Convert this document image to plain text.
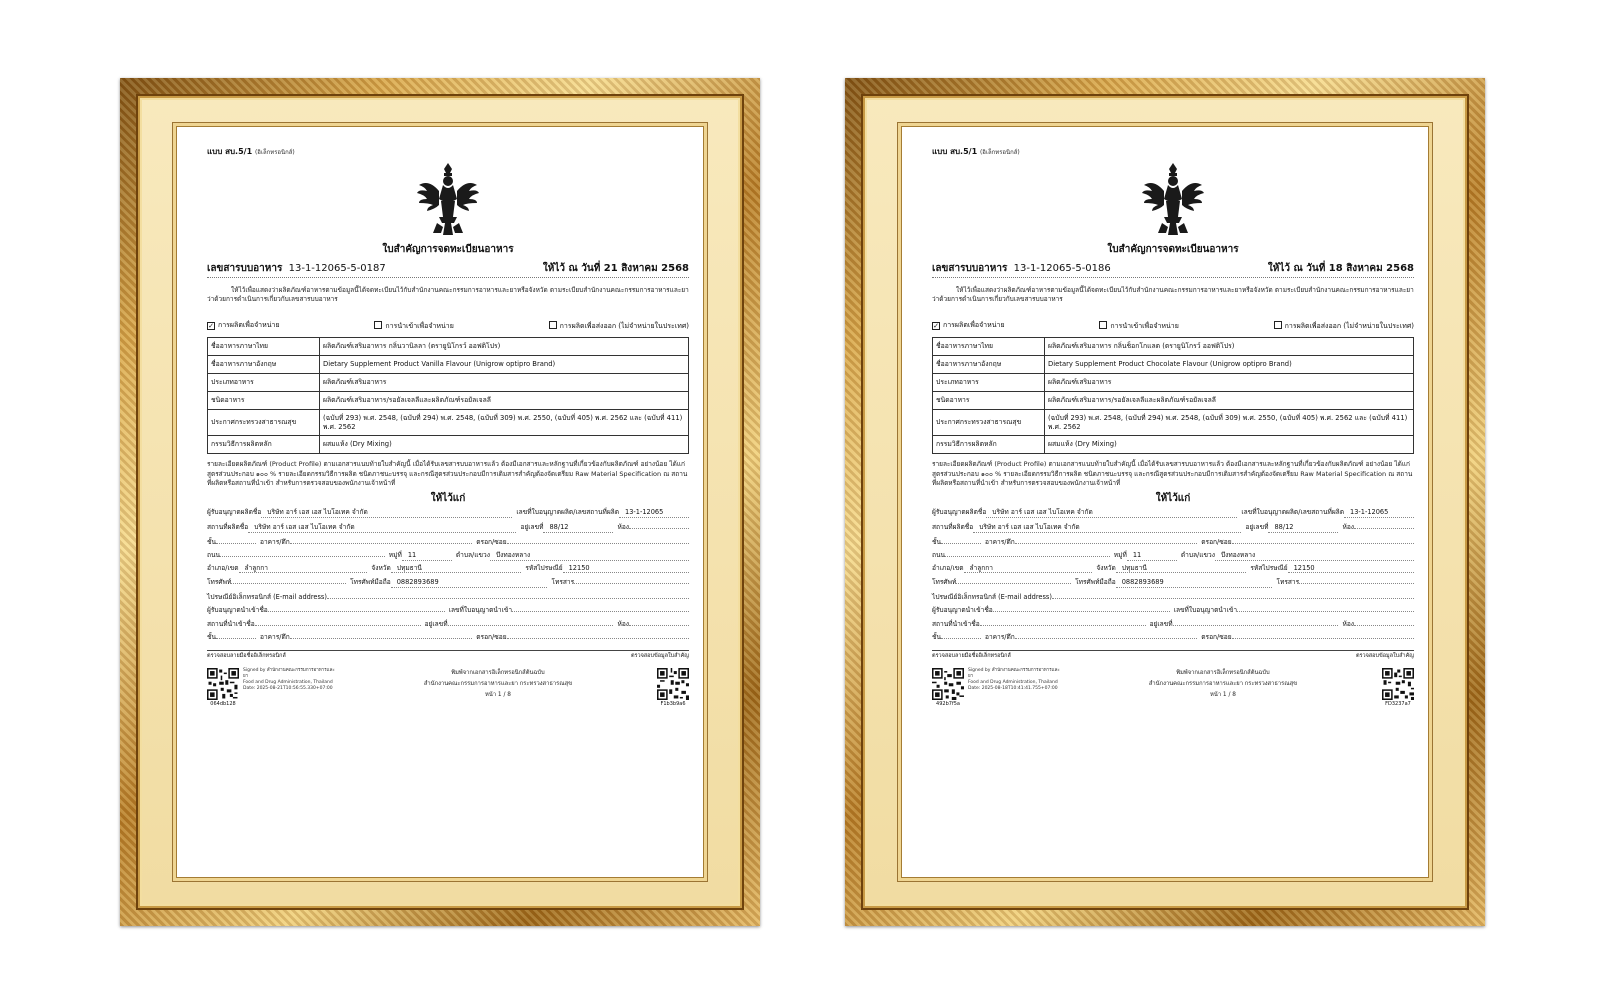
แบบ สบ.5/1 (อิเล็กทรอนิกส์)
ใบสำคัญการจดทะเบียนอาหาร
เลขสารบบอาหาร 13-1-12065-5-0187	ให้ไว้ ณ วันที่ 21 สิงหาคม 2568
ให้ไว้เพื่อแสดงว่าผลิตภัณฑ์อาหารตามข้อมูลนี้ได้จดทะเบียนไว้กับสำนักงานคณะกรรมการอาหารและยาหรือจังหวัด ตามระเบียบสำนักงานคณะกรรมการอาหารและยาว่าด้วยการดำเนินการเกี่ยวกับเลขสารบบอาหาร
✓ การผลิตเพื่อจำหน่าย	การนำเข้าเพื่อจำหน่าย	การผลิตเพื่อส่งออก (ไม่จำหน่ายในประเทศ)
ชื่ออาหารภาษาไทย	ผลิตภัณฑ์เสริมอาหาร กลิ่นวานิลลา (ตรายูนิโกรว์ ออฟติโปร)
ชื่ออาหารภาษาอังกฤษ	Dietary Supplement Product Vanilla Flavour (Unigrow optipro Brand)
ประเภทอาหาร	ผลิตภัณฑ์เสริมอาหาร
ชนิดอาหาร	ผลิตภัณฑ์เสริมอาหาร/รอยัลเจลลีและผลิตภัณฑ์รอยัลเจลลี
ประกาศกระทรวงสาธารณสุข	(ฉบับที่ 293) พ.ศ. 2548, (ฉบับที่ 294) พ.ศ. 2548, (ฉบับที่ 309) พ.ศ. 2550, (ฉบับที่ 405) พ.ศ. 2562 และ (ฉบับที่ 411) พ.ศ. 2562
กรรมวิธีการผลิตหลัก	ผสมแห้ง (Dry Mixing)
รายละเอียดผลิตภัณฑ์ (Product Profile) ตามเอกสารแนบท้ายใบสำคัญนี้ เมื่อได้รับเลขสารบบอาหารแล้ว ต้องมีเอกสารและหลักฐานที่เกี่ยวข้องกับผลิตภัณฑ์ อย่างน้อย ได้แก่ สูตรส่วนประกอบ ๑๐๐ % รายละเอียดกรรมวิธีการผลิต ชนิดภาชนะบรรจุ และกรณีสูตรส่วนประกอบมีการเติมสารสำคัญต้องจัดเตรียม Raw Material Specification ณ สถานที่ผลิตหรือสถานที่นำเข้า สำหรับการตรวจสอบของพนักงานเจ้าหน้าที่
ให้ไว้แก่
ผู้รับอนุญาตผลิตชื่อ บริษัท อาร์ เอส เอส ไบโอเทค จำกัด	เลขที่ใบอนุญาตผลิต/เลขสถานที่ผลิต 13-1-12065
สถานที่ผลิตชื่อ บริษัท อาร์ เอส เอส ไบโอเทค จำกัด	อยู่เลขที่ 88/12	ห้อง
ชั้น	อาคาร/ตึก	ตรอก/ซอย
ถนน	หมู่ที่ 11	ตำบล/แขวง บึงทองหลาง
อำเภอ/เขต ลำลูกกา	จังหวัด ปทุมธานี	รหัสไปรษณีย์ 12150
โทรศัพท์	โทรศัพท์มือถือ 0882893689	โทรสาร
ไปรษณีย์อิเล็กทรอนิกส์ (E-mail address)
ผู้รับอนุญาตนำเข้าชื่อ	เลขที่ใบอนุญาตนำเข้า
สถานที่นำเข้าชื่อ	อยู่เลขที่	ห้อง
ชั้น	อาคาร/ตึก	ตรอก/ซอย
ตรวจสอบลายมือชื่ออิเล็กทรอนิกส์	ตรวจสอบข้อมูลใบสำคัญ
064db128
Signed by สำนักงานคณะกรรมการอาหารและยา
Food and Drug Administration, Thailand
Date: 2025-08-21T10:56:55.330+07:00
พิมพ์จากเอกสารอิเล็กทรอนิกส์ต้นฉบับ
สำนักงานคณะกรรมการอาหารและยา กระทรวงสาธารณสุข
หน้า 1 / 8
F1b3b9a6
แบบ สบ.5/1 (อิเล็กทรอนิกส์)
ใบสำคัญการจดทะเบียนอาหาร
เลขสารบบอาหาร 13-1-12065-5-0186	ให้ไว้ ณ วันที่ 18 สิงหาคม 2568
ให้ไว้เพื่อแสดงว่าผลิตภัณฑ์อาหารตามข้อมูลนี้ได้จดทะเบียนไว้กับสำนักงานคณะกรรมการอาหารและยาหรือจังหวัด ตามระเบียบสำนักงานคณะกรรมการอาหารและยาว่าด้วยการดำเนินการเกี่ยวกับเลขสารบบอาหาร
✓ การผลิตเพื่อจำหน่าย	การนำเข้าเพื่อจำหน่าย	การผลิตเพื่อส่งออก (ไม่จำหน่ายในประเทศ)
ชื่ออาหารภาษาไทย	ผลิตภัณฑ์เสริมอาหาร กลิ่นช็อกโกแลต (ตรายูนิโกรว์ ออฟติโปร)
ชื่ออาหารภาษาอังกฤษ	Dietary Supplement Product Chocolate Flavour (Unigrow optipro Brand)
ประเภทอาหาร	ผลิตภัณฑ์เสริมอาหาร
ชนิดอาหาร	ผลิตภัณฑ์เสริมอาหาร/รอยัลเจลลีและผลิตภัณฑ์รอยัลเจลลี
ประกาศกระทรวงสาธารณสุข	(ฉบับที่ 293) พ.ศ. 2548, (ฉบับที่ 294) พ.ศ. 2548, (ฉบับที่ 309) พ.ศ. 2550, (ฉบับที่ 405) พ.ศ. 2562 และ (ฉบับที่ 411) พ.ศ. 2562
กรรมวิธีการผลิตหลัก	ผสมแห้ง (Dry Mixing)
รายละเอียดผลิตภัณฑ์ (Product Profile) ตามเอกสารแนบท้ายใบสำคัญนี้ เมื่อได้รับเลขสารบบอาหารแล้ว ต้องมีเอกสารและหลักฐานที่เกี่ยวข้องกับผลิตภัณฑ์ อย่างน้อย ได้แก่ สูตรส่วนประกอบ ๑๐๐ % รายละเอียดกรรมวิธีการผลิต ชนิดภาชนะบรรจุ และกรณีสูตรส่วนประกอบมีการเติมสารสำคัญต้องจัดเตรียม Raw Material Specification ณ สถานที่ผลิตหรือสถานที่นำเข้า สำหรับการตรวจสอบของพนักงานเจ้าหน้าที่
ให้ไว้แก่
ผู้รับอนุญาตผลิตชื่อ บริษัท อาร์ เอส เอส ไบโอเทค จำกัด	เลขที่ใบอนุญาตผลิต/เลขสถานที่ผลิต 13-1-12065
สถานที่ผลิตชื่อ บริษัท อาร์ เอส เอส ไบโอเทค จำกัด	อยู่เลขที่ 88/12	ห้อง
ชั้น	อาคาร/ตึก	ตรอก/ซอย
ถนน	หมู่ที่ 11	ตำบล/แขวง บึงทองหลาง
อำเภอ/เขต ลำลูกกา	จังหวัด ปทุมธานี	รหัสไปรษณีย์ 12150
โทรศัพท์	โทรศัพท์มือถือ 0882893689	โทรสาร
ไปรษณีย์อิเล็กทรอนิกส์ (E-mail address)
ผู้รับอนุญาตนำเข้าชื่อ	เลขที่ใบอนุญาตนำเข้า
สถานที่นำเข้าชื่อ	อยู่เลขที่	ห้อง
ชั้น	อาคาร/ตึก	ตรอก/ซอย
ตรวจสอบลายมือชื่ออิเล็กทรอนิกส์	ตรวจสอบข้อมูลใบสำคัญ
492b7f5a
Signed by สำนักงานคณะกรรมการอาหารและยา
Food and Drug Administration, Thailand
Date: 2025-08-18T10:41:41.755+07:00
พิมพ์จากเอกสารอิเล็กทรอนิกส์ต้นฉบับ
สำนักงานคณะกรรมการอาหารและยา กระทรวงสาธารณสุข
หน้า 1 / 8
FD3237a7
